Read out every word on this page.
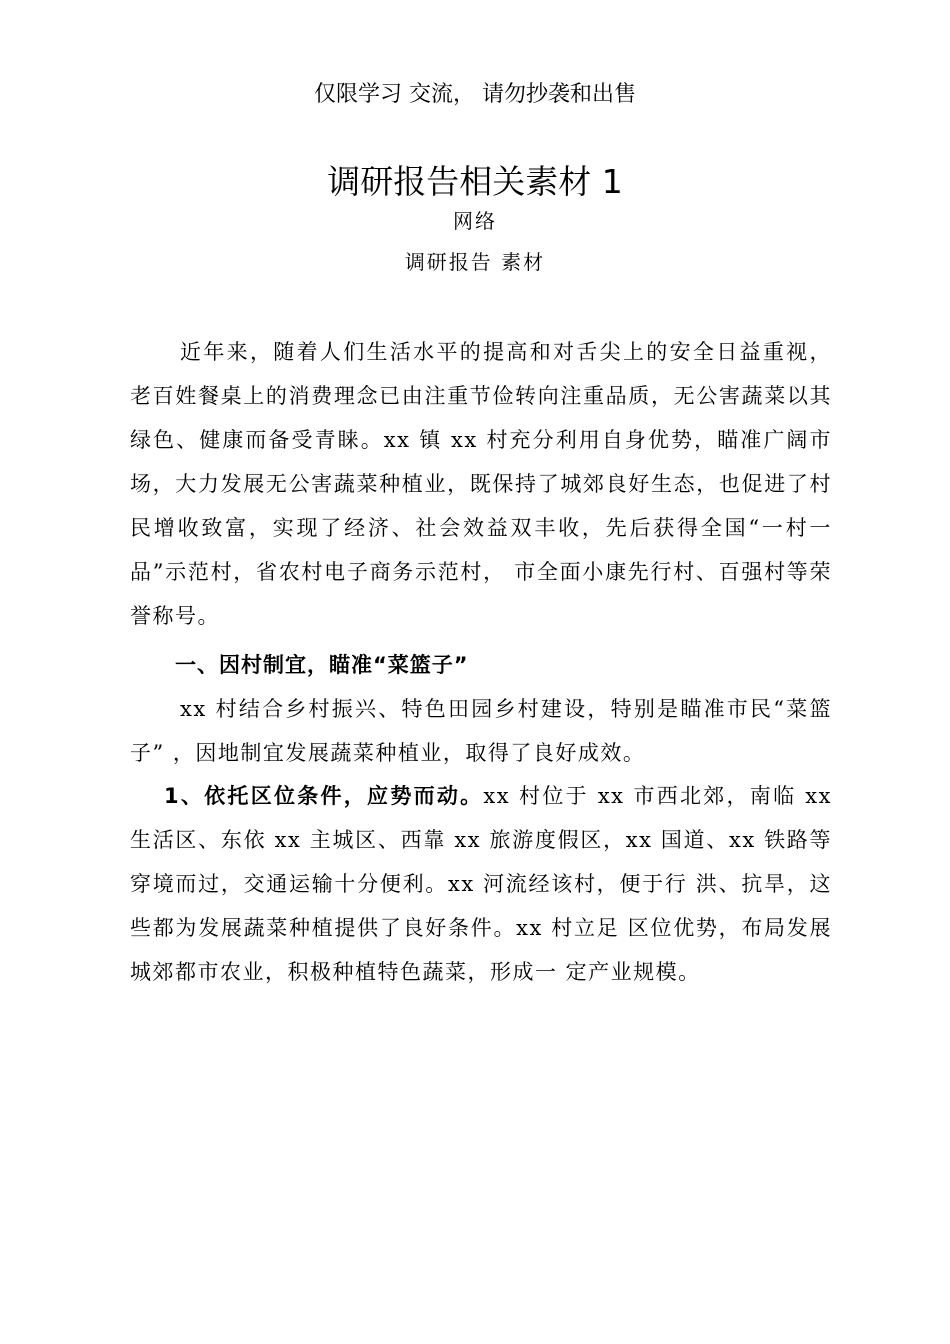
仅限学习 交流， 请勿抄袭和出售
调研报告相关素材 1
网络
调研报告 素材

近年来，随着人们生活水平的提高和对舌尖上的安全日益重视，老百姓餐桌上的消费理念已由注重节俭转向注重品质，无公害蔬菜以其绿色、健康而备受青睐。xx 镇 xx 村充分利用自身优势，瞄准广阔市场，大力发展无公害蔬菜种植业，既保持了城郊良好生态，也促进了村民增收致富，实现了经济、社会效益双丰收，先后获得全国“一村一品”示范村，省农村电子商务示范村， 市全面小康先行村、百强村等荣誉称号。

一、因村制宜，瞄准“菜篮子”

xx 村结合乡村振兴、特色田园乡村建设，特别是瞄准市民“菜篮子” ，因地制宜发展蔬菜种植业，取得了良好成效。

1、依托区位条件，应势而动。xx 村位于 xx 市西北郊，南临 xx 生活区、东依 xx 主城区、西靠 xx 旅游度假区，xx 国道、xx 铁路等穿境而过，交通运输十分便利。xx 河流经该村，便于行 洪、抗旱，这些都为发展蔬菜种植提供了良好条件。xx 村立足 区位优势，布局发展城郊都市农业，积极种植特色蔬菜，形成一 定产业规模。
